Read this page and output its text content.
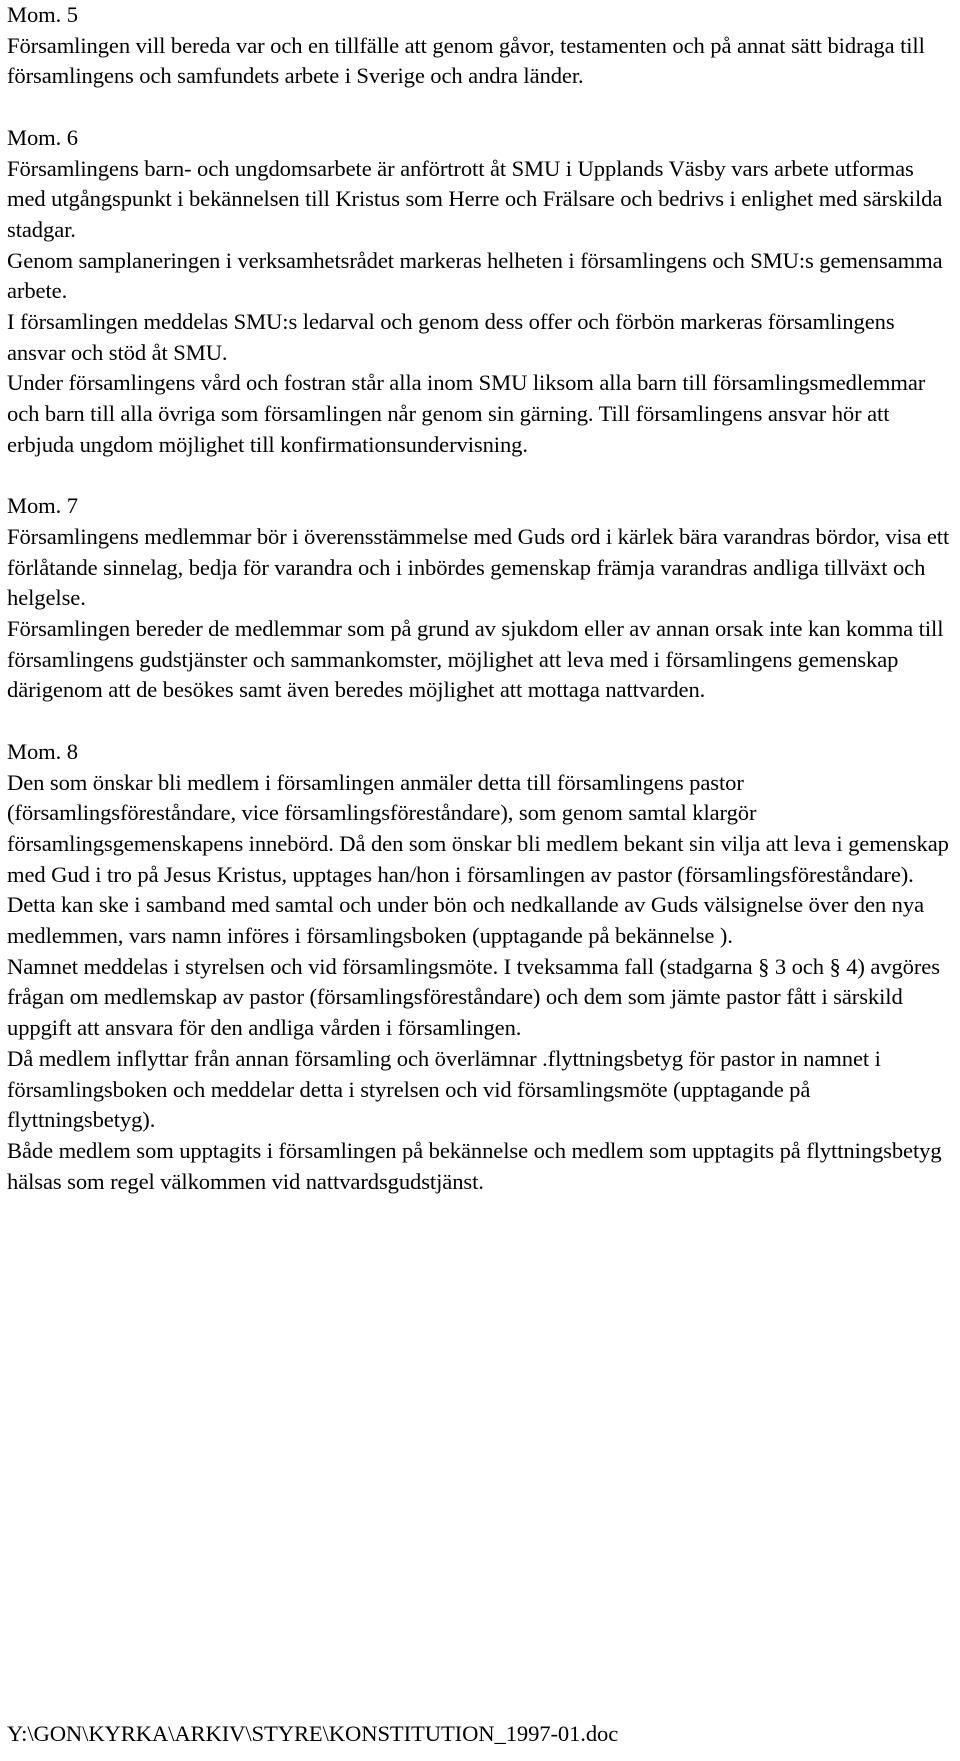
Mom. 5
Församlingen vill bereda var och en tillfälle att genom gåvor, testamenten och på annat sätt bidraga till församlingens och samfundets arbete i Sverige och andra länder.
Mom. 6
Församlingens barn- och ungdomsarbete är anförtrott åt SMU i Upplands Väsby vars arbete utformas med utgångspunkt i bekännelsen till Kristus som Herre och Frälsare och bedrivs i enlighet med särskilda stadgar.
Genom samplaneringen i verksamhetsrådet markeras helheten i församlingens och SMU:s gemensamma arbete.
I församlingen meddelas SMU:s ledarval och genom dess offer och förbön markeras församlingens ansvar och stöd åt SMU.
Under församlingens vård och fostran står alla inom SMU liksom alla barn till församlingsmedlemmar och barn till alla övriga som församlingen når genom sin gärning. Till församlingens ansvar hör att erbjuda ungdom möjlighet till konfirmationsundervisning.
Mom. 7
Församlingens medlemmar bör i överensstämmelse med Guds ord i kärlek bära varandras bördor, visa ett förlåtande sinnelag, bedja för varandra och i inbördes gemenskap främja varandras andliga tillväxt och helgelse.
Församlingen bereder de medlemmar som på grund av sjukdom eller av annan orsak inte kan komma till församlingens gudstjänster och sammankomster, möjlighet att leva med i församlingens gemenskap därigenom att de besökes samt även beredes möjlighet att mottaga nattvarden.
Mom. 8
Den som önskar bli medlem i församlingen anmäler detta till församlingens pastor (församlingsföreståndare, vice församlingsföreståndare), som genom samtal klargör församlingsgemenskapens innebörd. Då den som önskar bli medlem bekant sin vilja att leva i gemenskap med Gud i tro på Jesus Kristus, upptages han/hon i församlingen av pastor (församlingsföreståndare). Detta kan ske i samband med samtal och under bön och nedkallande av Guds välsignelse över den nya medlemmen, vars namn införes i församlingsboken (upptagande på bekännelse ).
Namnet meddelas i styrelsen och vid församlingsmöte. I tveksamma fall (stadgarna § 3 och § 4) avgöres frågan om medlemskap av pastor (församlingsföreståndare) och dem som jämte pastor fått i särskild uppgift att ansvara för den andliga vården i församlingen.
Då medlem inflyttar från annan församling och överlämnar .flyttningsbetyg för pastor in namnet i församlingsboken och meddelar detta i styrelsen och vid församlingsmöte (upptagande på flyttningsbetyg).
Både medlem som upptagits i församlingen på bekännelse och medlem som upptagits på flyttningsbetyg hälsas som regel välkommen vid nattvardsgudstjänst.
Y:\GON\KYRKA\ARKIV\STYRE\KONSTITUTION_1997-01.doc
